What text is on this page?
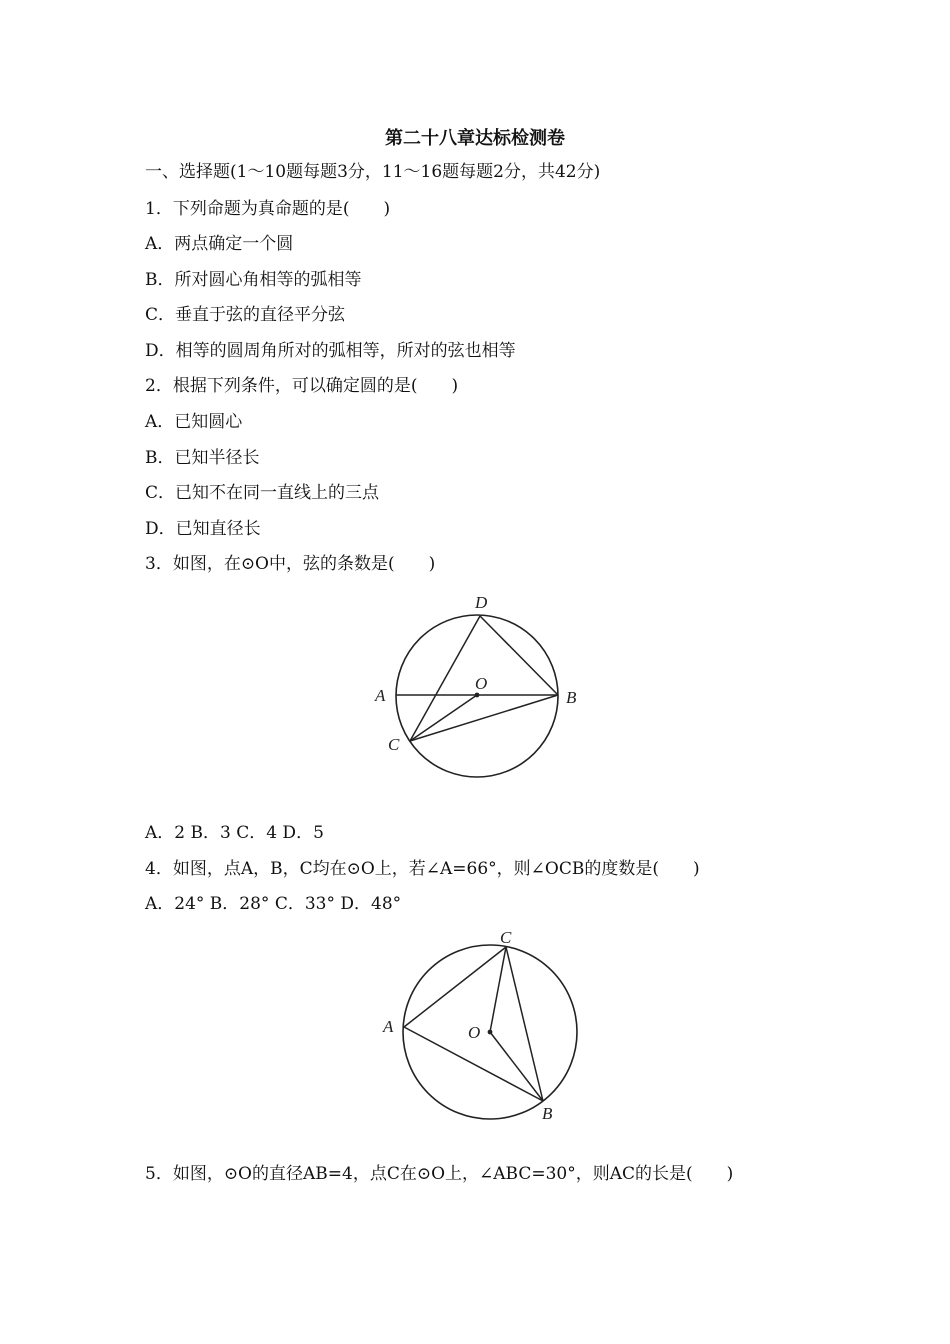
第二十八章达标检测卷
一、选择题(1～10题每题3分，11～16题每题2分，共42分)
1．下列命题为真命题的是(　　)
A．两点确定一个圆
B．所对圆心角相等的弧相等
C．垂直于弦的直径平分弦
D．相等的圆周角所对的弧相等，所对的弦也相等
2．根据下列条件，可以确定圆的是(　　)
A．已知圆心
B．已知半径长
C．已知不在同一直线上的三点
D．已知直径长
3．如图，在⊙O中，弦的条数是(　　)
D
A
O
B
C
A．2 B．3 C．4 D．5
4．如图，点A，B，C均在⊙O上，若∠A=66°，则∠OCB的度数是(　　)
A．24° B．28° C．33° D．48°
C
A	O
B
5．如图，⊙O的直径AB=4，点C在⊙O上，∠ABC=30°，则AC的长是(　　)
